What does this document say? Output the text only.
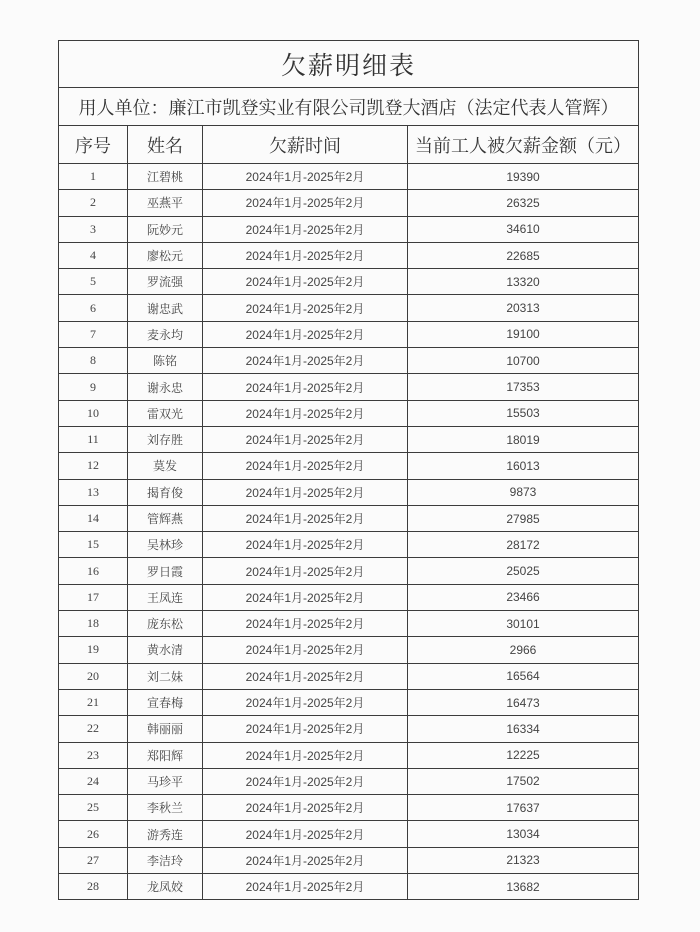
欠薪明细表			
用人单位：廉江市凯登实业有限公司凯登大酒店（法定代表人管辉）			
序号	姓名	欠薪时间	当前工人被欠薪金额（元）
1	江碧桃	2024年1月-2025年2月	19390
2	巫燕平	2024年1月-2025年2月	26325
3	阮妙元	2024年1月-2025年2月	34610
4	廖松元	2024年1月-2025年2月	22685
5	罗流强	2024年1月-2025年2月	13320
6	谢忠武	2024年1月-2025年2月	20313
7	麦永均	2024年1月-2025年2月	19100
8	陈铭	2024年1月-2025年2月	10700
9	谢永忠	2024年1月-2025年2月	17353
10	雷双光	2024年1月-2025年2月	15503
11	刘存胜	2024年1月-2025年2月	18019
12	莫发	2024年1月-2025年2月	16013
13	揭育俊	2024年1月-2025年2月	9873
14	管辉燕	2024年1月-2025年2月	27985
15	吴林珍	2024年1月-2025年2月	28172
16	罗日霞	2024年1月-2025年2月	25025
17	王凤连	2024年1月-2025年2月	23466
18	庞东松	2024年1月-2025年2月	30101
19	黄水清	2024年1月-2025年2月	2966
20	刘二妹	2024年1月-2025年2月	16564
21	宣春梅	2024年1月-2025年2月	16473
22	韩丽丽	2024年1月-2025年2月	16334
23	郑阳辉	2024年1月-2025年2月	12225
24	马珍平	2024年1月-2025年2月	17502
25	李秋兰	2024年1月-2025年2月	17637
26	游秀连	2024年1月-2025年2月	13034
27	李洁玲	2024年1月-2025年2月	21323
28	龙凤姣	2024年1月-2025年2月	13682
